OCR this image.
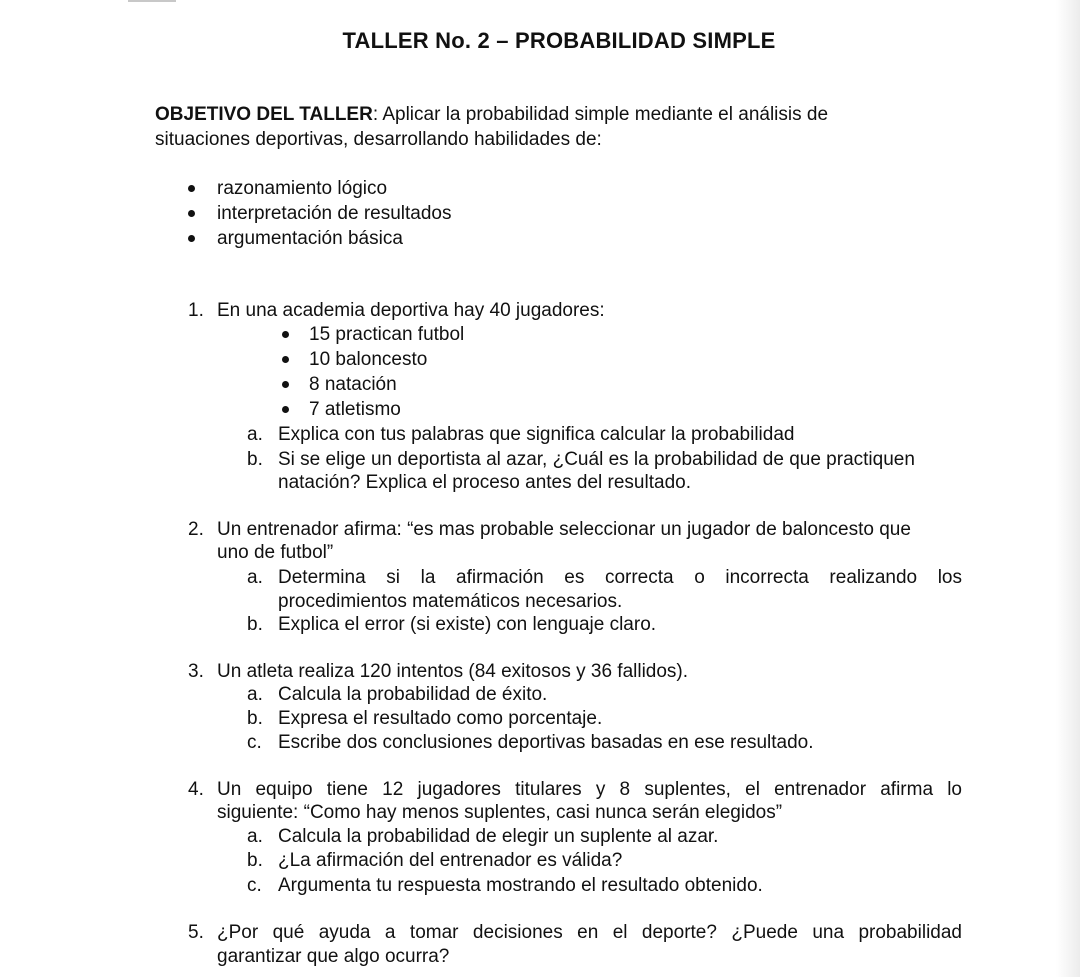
TALLER No. 2 – PROBABILIDAD SIMPLE
OBJETIVO DEL TALLER: Aplicar la probabilidad simple mediante el análisis de
situaciones deportivas, desarrollando habilidades de:
razonamiento lógico
interpretación de resultados
argumentación básica
1. En una academia deportiva hay 40 jugadores:
15 practican futbol
10 baloncesto
8 natación
7 atletismo
a. Explica con tus palabras que significa calcular la probabilidad
b. Si se elige un deportista al azar, ¿Cuál es la probabilidad de que practiquen
natación? Explica el proceso antes del resultado.
2. Un entrenador afirma: “es mas probable seleccionar un jugador de baloncesto que
uno de futbol”
a. Determina si la afirmación es correcta o incorrecta realizando los
procedimientos matemáticos necesarios.
b. Explica el error (si existe) con lenguaje claro.
3. Un atleta realiza 120 intentos (84 exitosos y 36 fallidos).
a. Calcula la probabilidad de éxito.
b. Expresa el resultado como porcentaje.
c. Escribe dos conclusiones deportivas basadas en ese resultado.
4. Un equipo tiene 12 jugadores titulares y 8 suplentes, el entrenador afirma lo
siguiente: “Como hay menos suplentes, casi nunca serán elegidos”
a. Calcula la probabilidad de elegir un suplente al azar.
b. ¿La afirmación del entrenador es válida?
c. Argumenta tu respuesta mostrando el resultado obtenido.
5. ¿Por qué ayuda a tomar decisiones en el deporte? ¿Puede una probabilidad
garantizar que algo ocurra?
